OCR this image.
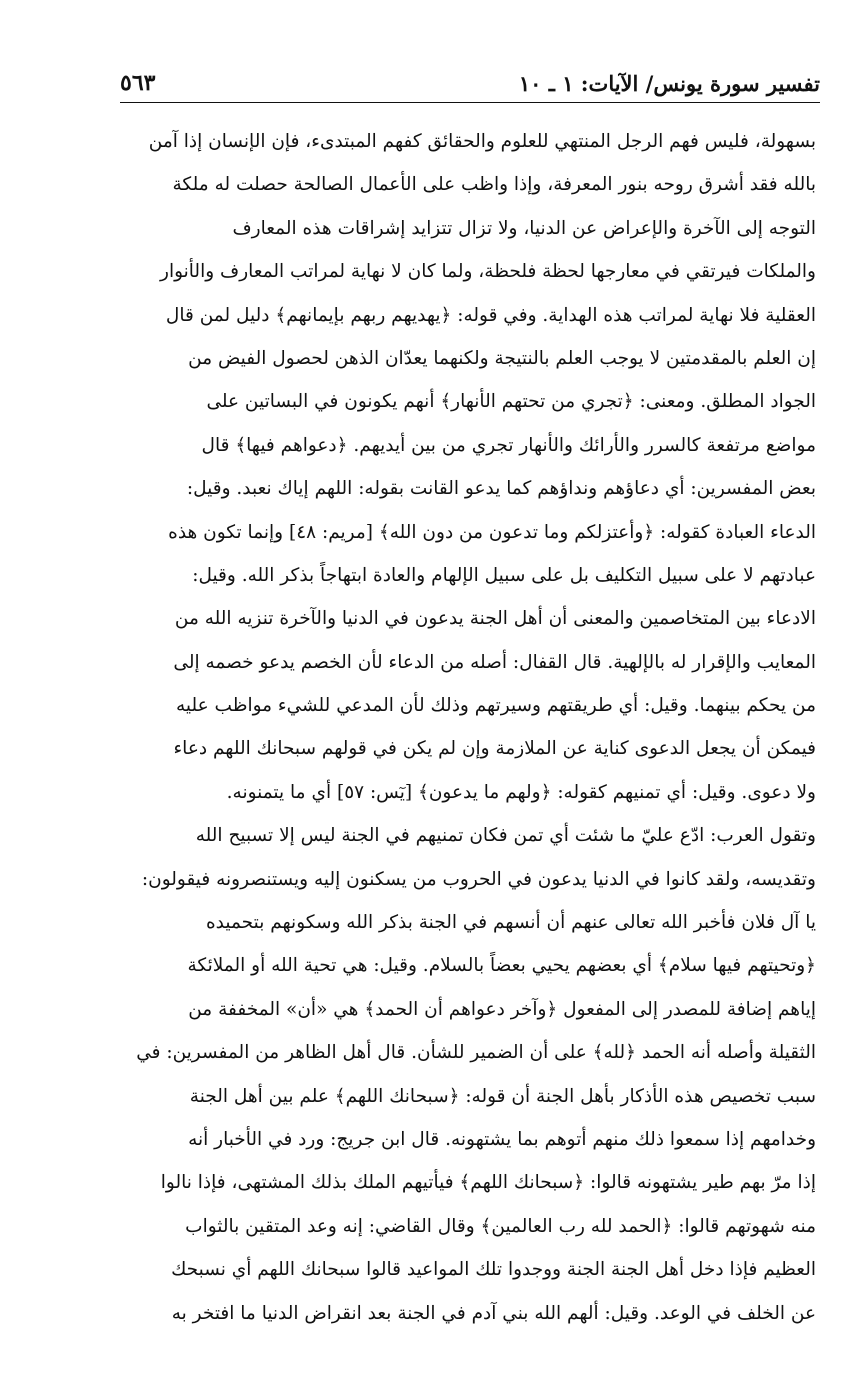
تفسير سورة يونس/ الآيات: ١ ـ ١٠
٥٦٣
بسهولة، فليس فهم الرجل المنتهي للعلوم والحقائق كفهم المبتدىء، فإن الإنسان إذا آمن
بالله فقد أشرق روحه بنور المعرفة، وإذا واظب على الأعمال الصالحة حصلت له ملكة
التوجه إلى الآخرة والإعراض عن الدنيا، ولا تزال تتزايد إشراقات هذه المعارف
والملكات فيرتقي في معارجها لحظة فلحظة، ولما كان لا نهاية لمراتب المعارف والأنوار
العقلية فلا نهاية لمراتب هذه الهداية. وفي قوله: ﴿يهديهم ربهم بإيمانهم﴾ دليل لمن قال
إن العلم بالمقدمتين لا يوجب العلم بالنتيجة ولكنهما يعدّان الذهن لحصول الفيض من
الجواد المطلق. ومعنى: ﴿تجري من تحتهم الأنهار﴾ أنهم يكونون في البساتين على
مواضع مرتفعة كالسرر والأرائك والأنهار تجري من بين أيديهم. ﴿دعواهم فيها﴾ قال
بعض المفسرين: أي دعاؤهم ونداؤهم كما يدعو القانت بقوله: اللهم إياك نعبد. وقيل:
الدعاء العبادة كقوله: ﴿وأعتزلكم وما تدعون من دون الله﴾ [مريم: ٤٨] وإنما تكون هذه
عبادتهم لا على سبيل التكليف بل على سبيل الإلهام والعادة ابتهاجاً بذكر الله. وقيل:
الادعاء بين المتخاصمين والمعنى أن أهل الجنة يدعون في الدنيا والآخرة تنزيه الله من
المعايب والإقرار له بالإلهية. قال القفال: أصله من الدعاء لأن الخصم يدعو خصمه إلى
من يحكم بينهما. وقيل: أي طريقتهم وسيرتهم وذلك لأن المدعي للشيء مواظب عليه
فيمكن أن يجعل الدعوى كناية عن الملازمة وإن لم يكن في قولهم سبحانك اللهم دعاء
ولا دعوى. وقيل: أي تمنيهم كقوله: ﴿ولهم ما يدعون﴾ [يٓس: ٥٧] أي ما يتمنونه.
وتقول العرب: ادّع عليّ ما شئت أي تمن فكان تمنيهم في الجنة ليس إلا تسبيح الله
وتقديسه، ولقد كانوا في الدنيا يدعون في الحروب من يسكنون إليه ويستنصرونه فيقولون:
يا آل فلان فأخبر الله تعالى عنهم أن أنسهم في الجنة بذكر الله وسكونهم بتحميده
﴿وتحيتهم فيها سلام﴾ أي بعضهم يحيي بعضاً بالسلام. وقيل: هي تحية الله أو الملائكة
إياهم إضافة للمصدر إلى المفعول ﴿وآخر دعواهم أن الحمد﴾ هي «أن» المخففة من
الثقيلة وأصله أنه الحمد ﴿لله﴾ على أن الضمير للشأن. قال أهل الظاهر من المفسرين: في
سبب تخصيص هذه الأذكار بأهل الجنة أن قوله: ﴿سبحانك اللهم﴾ علم بين أهل الجنة
وخدامهم إذا سمعوا ذلك منهم أتوهم بما يشتهونه. قال ابن جريج: ورد في الأخبار أنه
إذا مرّ بهم طير يشتهونه قالوا: ﴿سبحانك اللهم﴾ فيأتيهم الملك بذلك المشتهى، فإذا نالوا
منه شهوتهم قالوا: ﴿الحمد لله رب العالمين﴾ وقال القاضي: إنه وعد المتقين بالثواب
العظيم فإذا دخل أهل الجنة الجنة ووجدوا تلك المواعيد قالوا سبحانك اللهم أي نسبحك
عن الخلف في الوعد. وقيل: ألهم الله بني آدم في الجنة بعد انقراض الدنيا ما افتخر به
